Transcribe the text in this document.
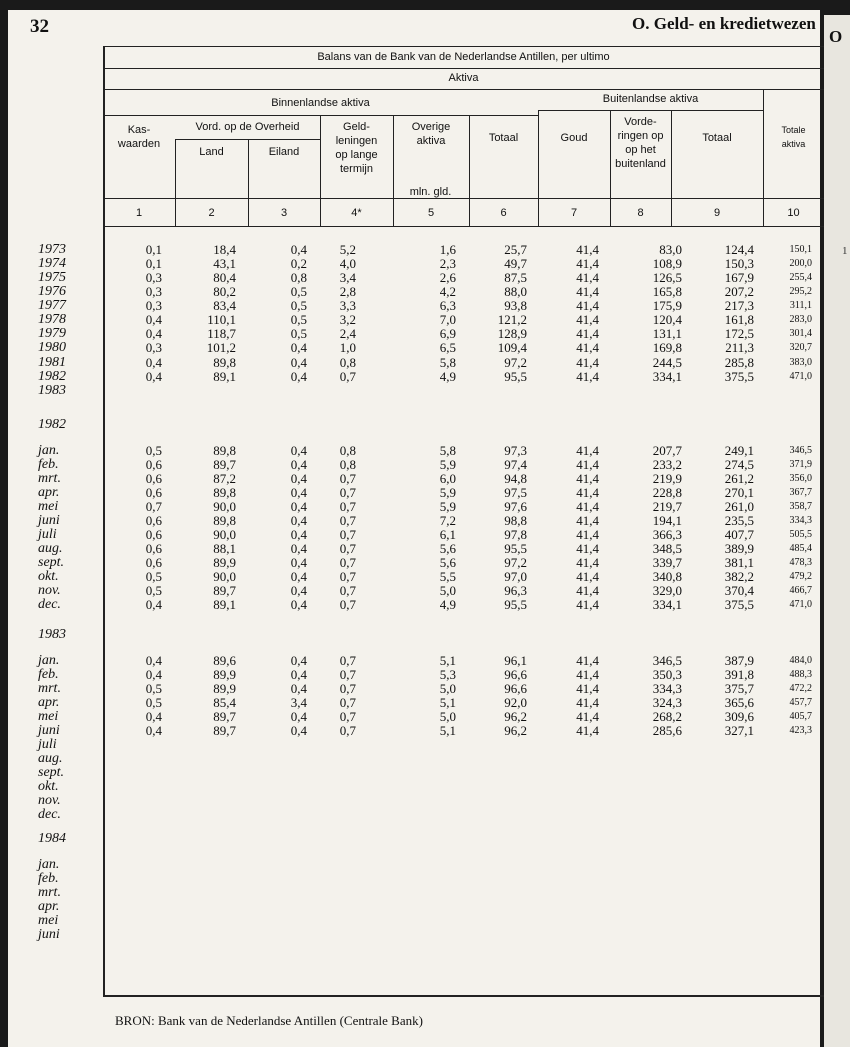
O
32	O. Geld- en kredietwezen
Balans van de Bank van de Nederlandse Antillen, per ultimo
Aktiva
Binnenlandse aktiva	Buitenlandse aktiva
Vord. op de Overheid
mln. gld.
Kas-
waarden
Land	Eiland
Geld-
leningen
op lange
termijn
Overige
aktiva	Totaal	Goud
Vorde-
ringen op
op het
buitenland
Totaal
Totale
aktiva
BRON: Bank van de Nederlandse Antillen (Centrale Bank)
1
1	2	3	4*	5	6	7	8	9	10
1973	0,1	18,4	0,4	5,2	1,6	25,7	41,4	83,0	124,4	150,1
1974	0,1	43,1	0,2	4,0	2,3	49,7	41,4	108,9	150,3	200,0
1975	0,3	80,4	0,8	3,4	2,6	87,5	41,4	126,5	167,9	255,4
1976	0,3	80,2	0,5	2,8	4,2	88,0	41,4	165,8	207,2	295,2
1977	0,3	83,4	0,5	3,3	6,3	93,8	41,4	175,9	217,3	311,1
1978	0,4	110,1	0,5	3,2	7,0	121,2	41,4	120,4	161,8	283,0
1979	0,4	118,7	0,5	2,4	6,9	128,9	41,4	131,1	172,5	301,4
1980	0,3	101,2	0,4	1,0	6,5	109,4	41,4	169,8	211,3	320,7
1981	0,4	89,8	0,4	0,8	5,8	97,2	41,4	244,5	285,8	383,0
1982	0,4	89,1	0,4	0,7	4,9	95,5	41,4	334,1	375,5	471,0
1983
1982
jan.	0,5	89,8	0,4	0,8	5,8	97,3	41,4	207,7	249,1	346,5
feb.	0,6	89,7	0,4	0,8	5,9	97,4	41,4	233,2	274,5	371,9
mrt.	0,6	87,2	0,4	0,7	6,0	94,8	41,4	219,9	261,2	356,0
apr.	0,6	89,8	0,4	0,7	5,9	97,5	41,4	228,8	270,1	367,7
mei	0,7	90,0	0,4	0,7	5,9	97,6	41,4	219,7	261,0	358,7
juni	0,6	89,8	0,4	0,7	7,2	98,8	41,4	194,1	235,5	334,3
juli	0,6	90,0	0,4	0,7	6,1	97,8	41,4	366,3	407,7	505,5
aug.	0,6	88,1	0,4	0,7	5,6	95,5	41,4	348,5	389,9	485,4
sept.	0,6	89,9	0,4	0,7	5,6	97,2	41,4	339,7	381,1	478,3
okt.	0,5	90,0	0,4	0,7	5,5	97,0	41,4	340,8	382,2	479,2
nov.	0,5	89,7	0,4	0,7	5,0	96,3	41,4	329,0	370,4	466,7
dec.	0,4	89,1	0,4	0,7	4,9	95,5	41,4	334,1	375,5	471,0
1983
jan.	0,4	89,6	0,4	0,7	5,1	96,1	41,4	346,5	387,9	484,0
feb.	0,4	89,9	0,4	0,7	5,3	96,6	41,4	350,3	391,8	488,3
mrt.	0,5	89,9	0,4	0,7	5,0	96,6	41,4	334,3	375,7	472,2
apr.	0,5	85,4	3,4	0,7	5,1	92,0	41,4	324,3	365,6	457,7
mei	0,4	89,7	0,4	0,7	5,0	96,2	41,4	268,2	309,6	405,7
juni	0,4	89,7	0,4	0,7	5,1	96,2	41,4	285,6	327,1	423,3
juli
aug.
sept.
okt.
nov.
dec.
1984
jan.
feb.
mrt.
apr.
mei
juni
